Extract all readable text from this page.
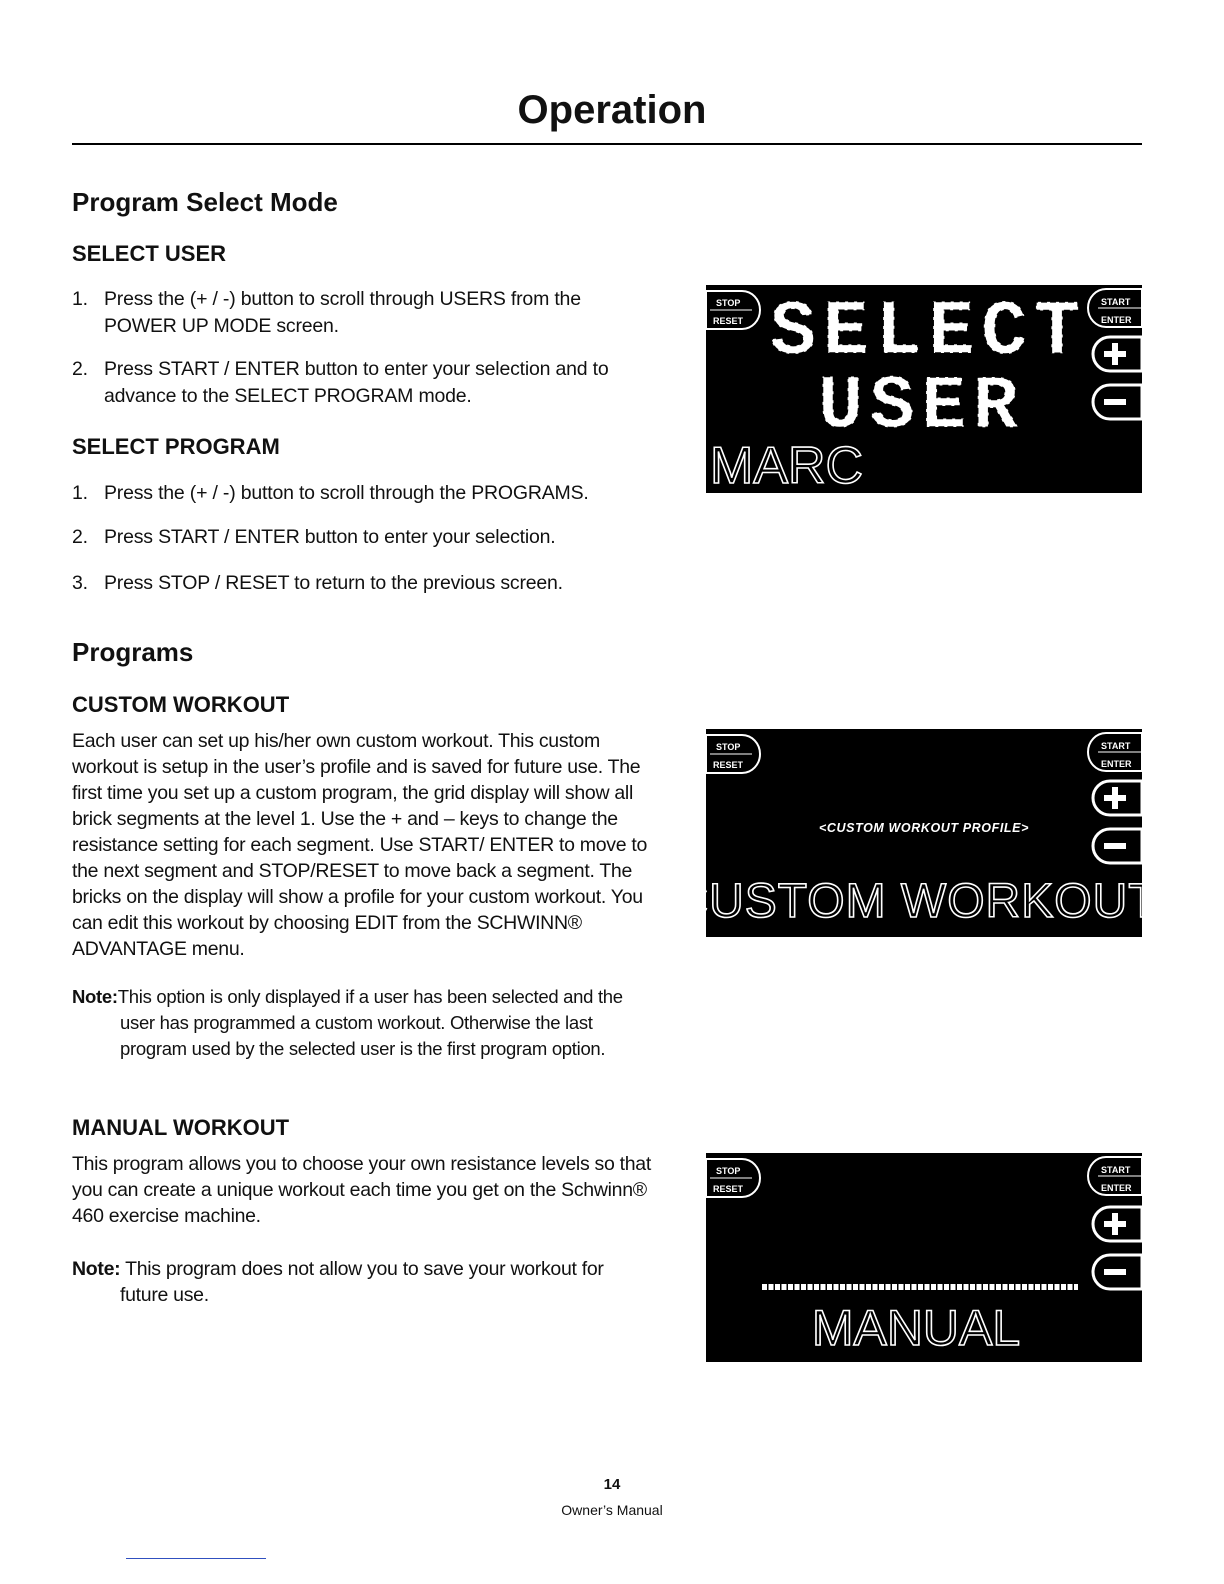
Operation
Program Select Mode
SELECT USER
1. Press the (+ / -) button to scroll through USERS from the POWER UP MODE screen.
2. Press START / ENTER button to enter your selection and to advance to the SELECT PROGRAM mode.
SELECT PROGRAM
1. Press the (+ / -) button to scroll through the PROGRAMS.
2. Press START / ENTER button to enter your selection.
3. Press STOP / RESET to return to the previous screen.
Programs
CUSTOM WORKOUT
Each user can set up his/her own custom workout. This custom workout is setup in the user’s profile and is saved for future use. The first time you set up a custom program, the grid display will show all brick segments at the level 1. Use the + and – keys to change the resistance setting for each segment. Use START/ ENTER to move to the next segment and STOP/RESET to move back a segment. The bricks on the display will show a profile for your custom workout. You can edit this workout by choosing EDIT from the SCHWINN® ADVANTAGE menu.
Note:This option is only displayed if a user has been selected and the user has programmed a custom workout. Otherwise the last program used by the selected user is the first program option.
MANUAL WORKOUT
This program allows you to choose your own resistance levels so that you can create a unique workout each time you get on the Schwinn® 460 exercise machine.
Note: This program does not allow you to save your workout for future use.
STOP
RESET
START
ENTER
SELECT
USER
MARC
STOP
RESET
START
ENTER
<CUSTOM WORKOUT PROFILE>
CUSTOM WORKOUT
STOP
RESET
START
ENTER
MANUAL
14
Owner’s Manual
